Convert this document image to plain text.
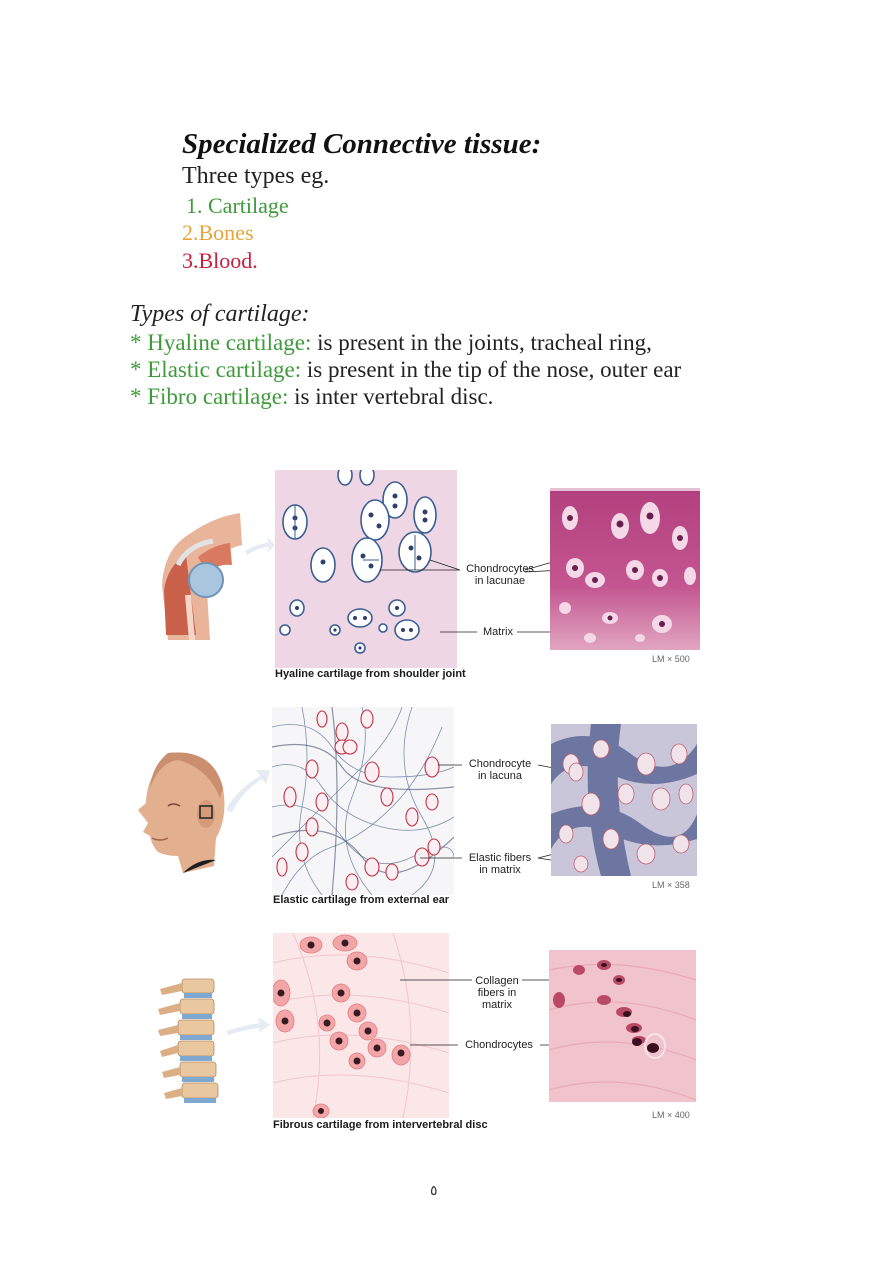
Specialized Connective tissue:
Three types eg.
1. Cartilage
2.Bones
3.Blood.
Types of cartilage:
* Hyaline cartilage: is present in the joints, tracheal ring,
* Elastic cartilage: is present in the tip of the nose, outer ear
* Fibro cartilage: is inter vertebral disc.
Chondrocytes
in lacunae
Matrix
LM × 500
Hyaline cartilage from shoulder joint
Chondrocyte
in lacuna
Elastic fibers
in matrix
LM × 358
Elastic cartilage from external ear
Collagen
fibers in
matrix
Chondrocytes
LM × 400
Fibrous cartilage from intervertebral disc
٥
